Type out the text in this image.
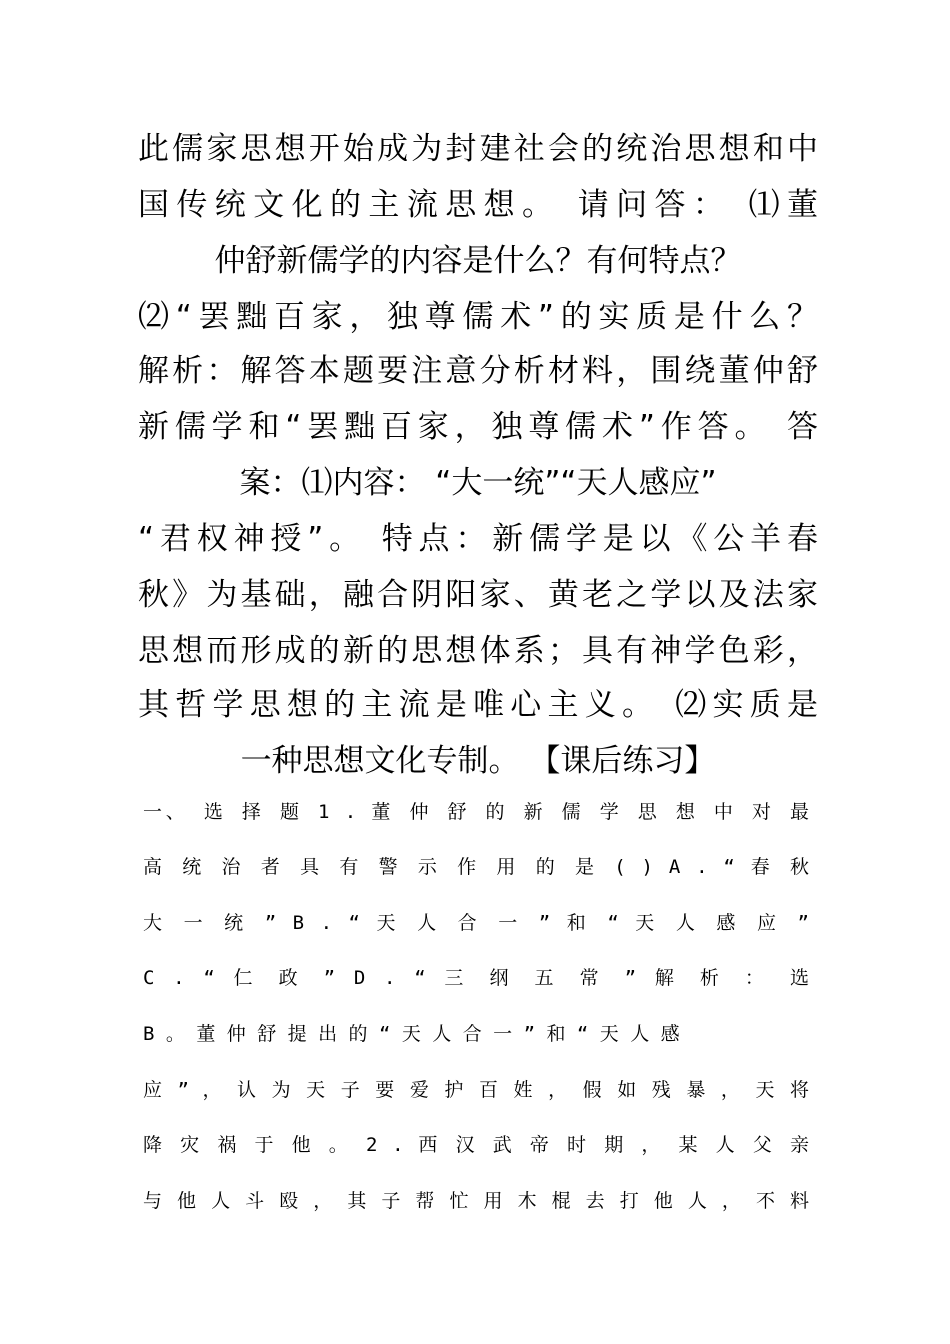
此儒家思想开始成为封建社会的统治思想和中
国传统文化的主流思想。 请问答： ⑴董
仲舒新儒学的内容是什么？有何特点？
⑵“罢黜百家，独尊儒术”的实质是什么？
解析：解答本题要注意分析材料，围绕董仲舒
新儒学和“罢黜百家，独尊儒术”作答。 答
案：⑴内容： “大一统”“天人感应”
“君权神授”。 特点：新儒学是以《公羊春
秋》为基础，融合阴阳家、黄老之学以及法家
思想而形成的新的思想体系；具有神学色彩，
其哲学思想的主流是唯心主义。 ⑵实质是
一种思想文化专制。 【课后练习】
一、 选 择 题 1 . 董 仲 舒 的 新 儒 学 思 想 中 对 最
高 统 治 者 具 有 警 示 作 用 的 是 ( ) A . “ 春 秋
大 一 统 ” B . “ 天 人 合 一 ” 和 “ 天 人 感 应 ”
C . “ 仁 政 ” D . “ 三 纲 五 常 ” 解 析 ： 选
B 。 董 仲 舒 提 出 的 “ 天 人 合 一 ” 和 “ 天 人 感
应 ” ， 认 为 天 子 要 爱 护 百 姓 ， 假 如 残 暴 ， 天 将
降 灾 祸 于 他 。 2 . 西 汉 武 帝 时 期 ， 某 人 父 亲
与 他 人 斗 殴 ， 其 子 帮 忙 用 木 棍 去 打 他 人 ， 不 料
